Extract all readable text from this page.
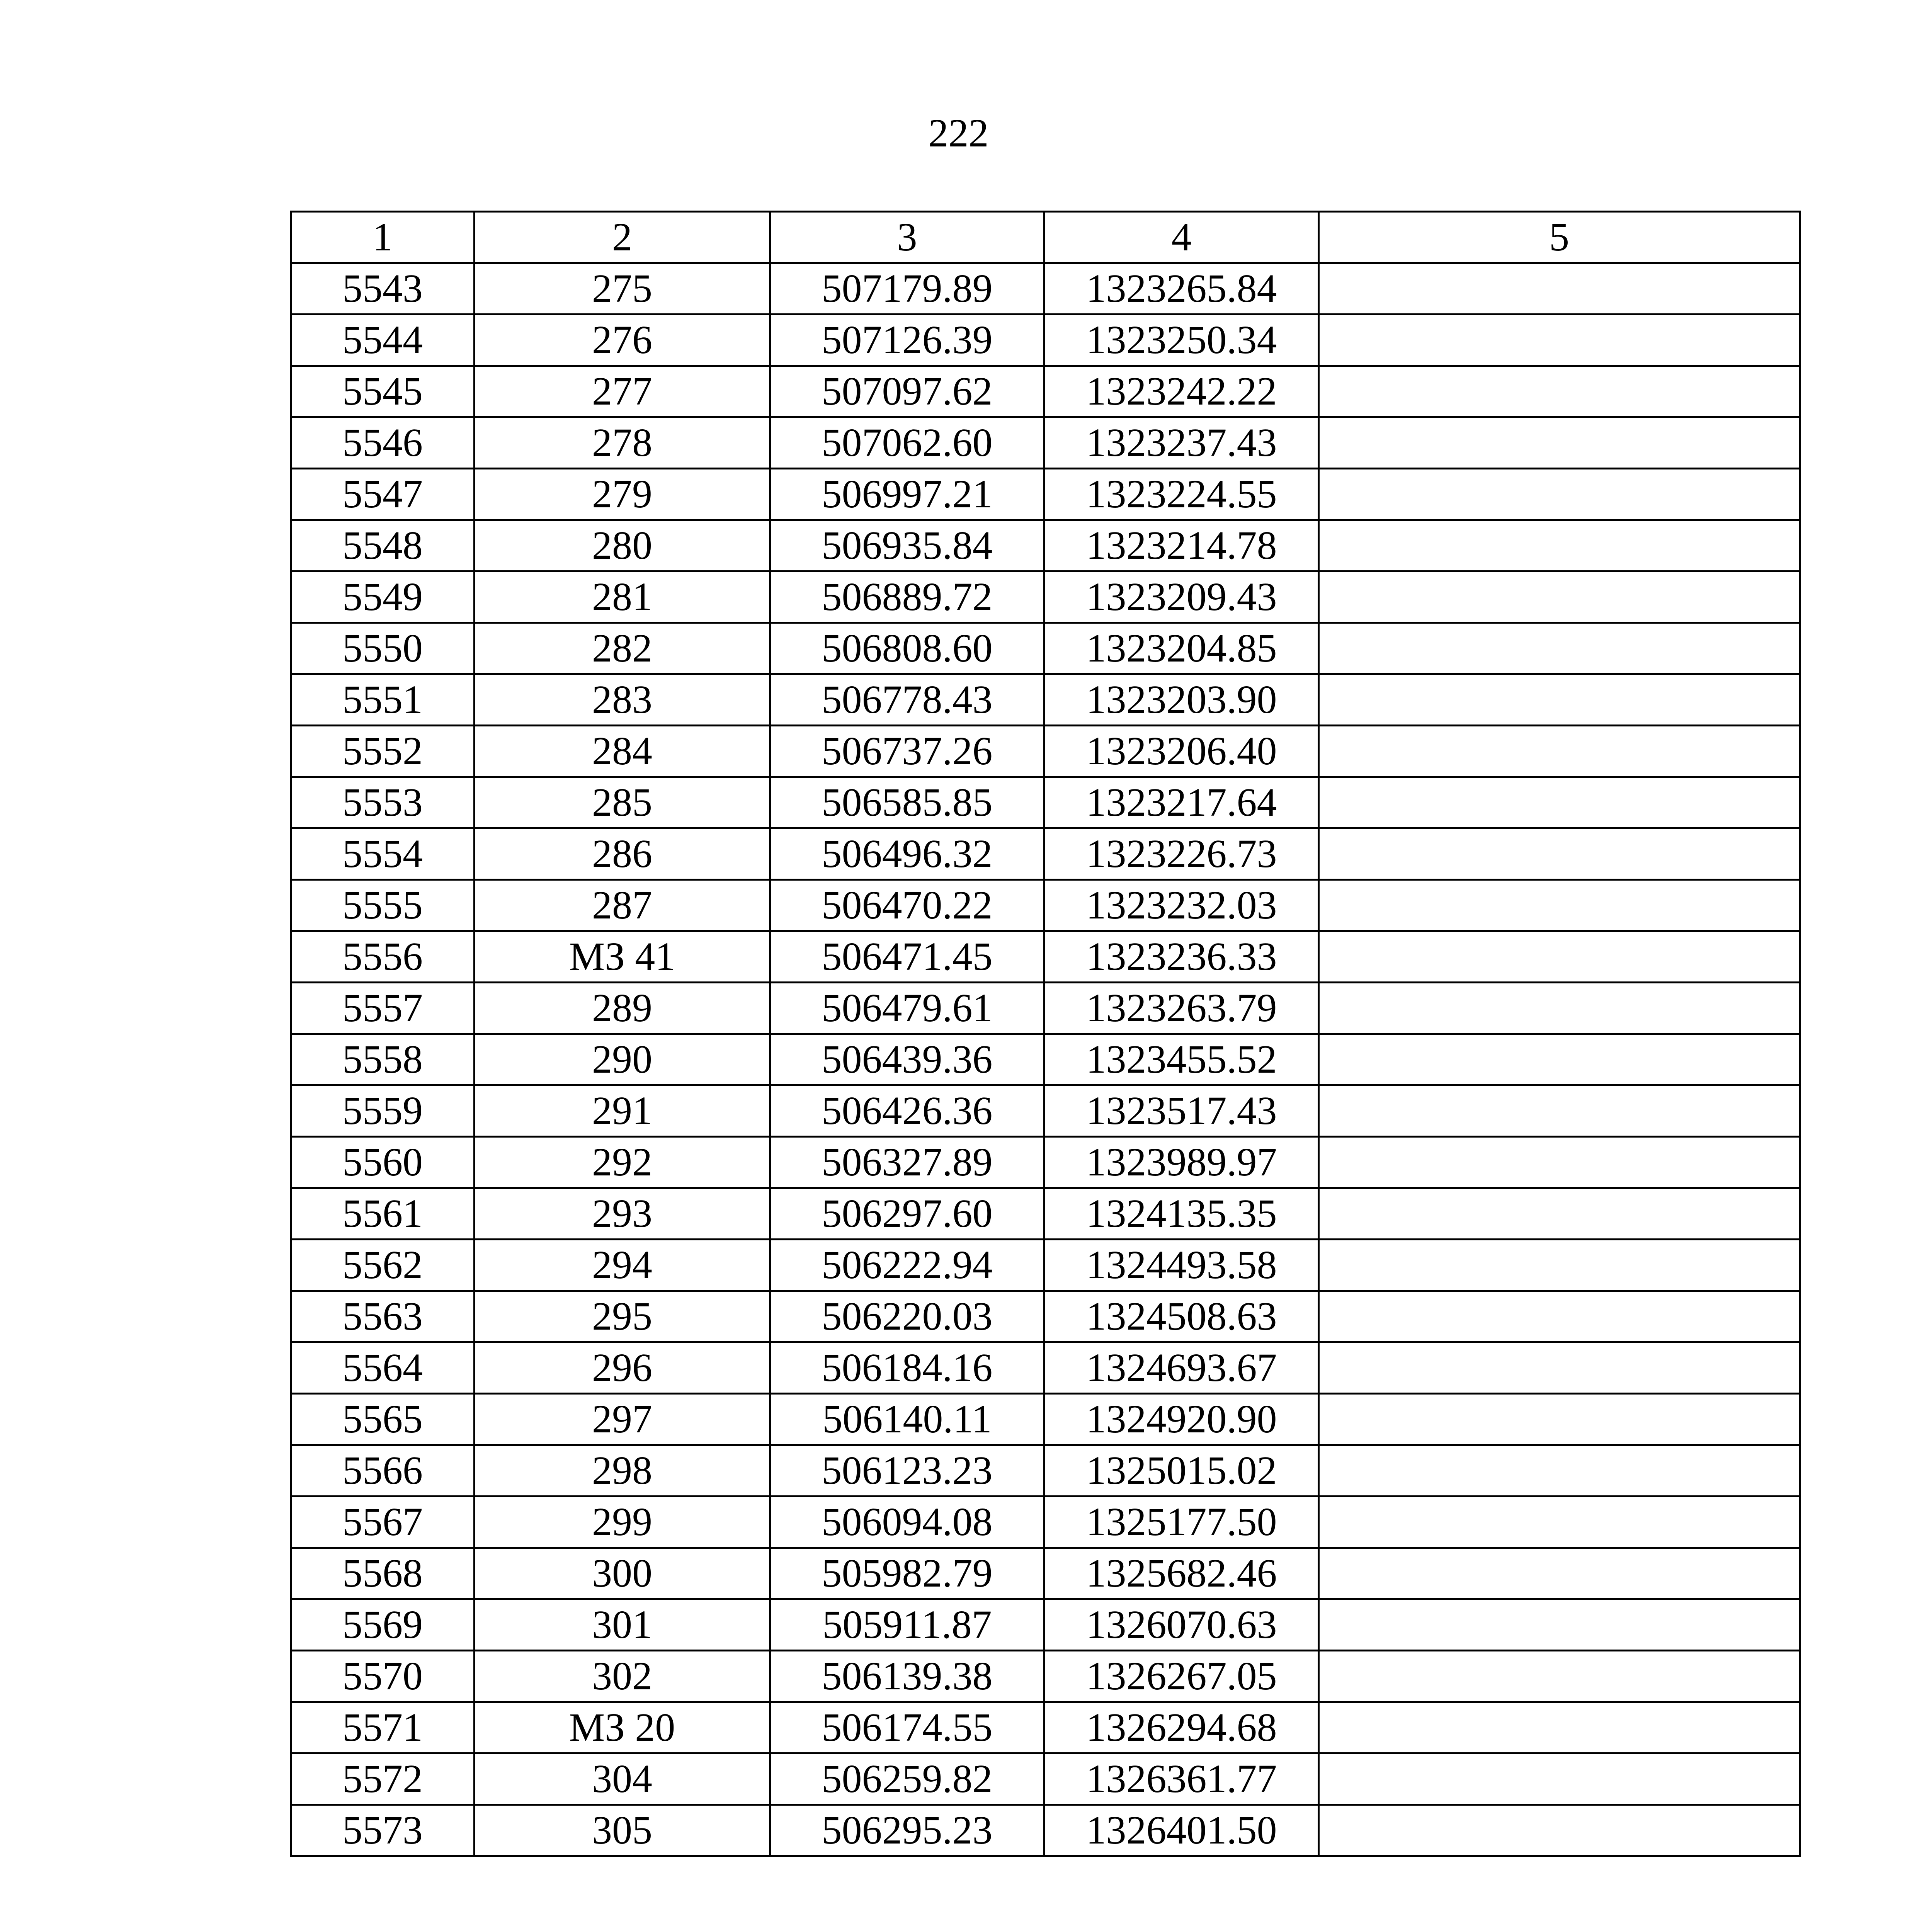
222
1	2	3	4	5
5543	275	507179.89	1323265.84	
5544	276	507126.39	1323250.34	
5545	277	507097.62	1323242.22	
5546	278	507062.60	1323237.43	
5547	279	506997.21	1323224.55	
5548	280	506935.84	1323214.78	
5549	281	506889.72	1323209.43	
5550	282	506808.60	1323204.85	
5551	283	506778.43	1323203.90	
5552	284	506737.26	1323206.40	
5553	285	506585.85	1323217.64	
5554	286	506496.32	1323226.73	
5555	287	506470.22	1323232.03	
5556	МЗ 41	506471.45	1323236.33	
5557	289	506479.61	1323263.79	
5558	290	506439.36	1323455.52	
5559	291	506426.36	1323517.43	
5560	292	506327.89	1323989.97	
5561	293	506297.60	1324135.35	
5562	294	506222.94	1324493.58	
5563	295	506220.03	1324508.63	
5564	296	506184.16	1324693.67	
5565	297	506140.11	1324920.90	
5566	298	506123.23	1325015.02	
5567	299	506094.08	1325177.50	
5568	300	505982.79	1325682.46	
5569	301	505911.87	1326070.63	
5570	302	506139.38	1326267.05	
5571	МЗ 20	506174.55	1326294.68	
5572	304	506259.82	1326361.77	
5573	305	506295.23	1326401.50	
